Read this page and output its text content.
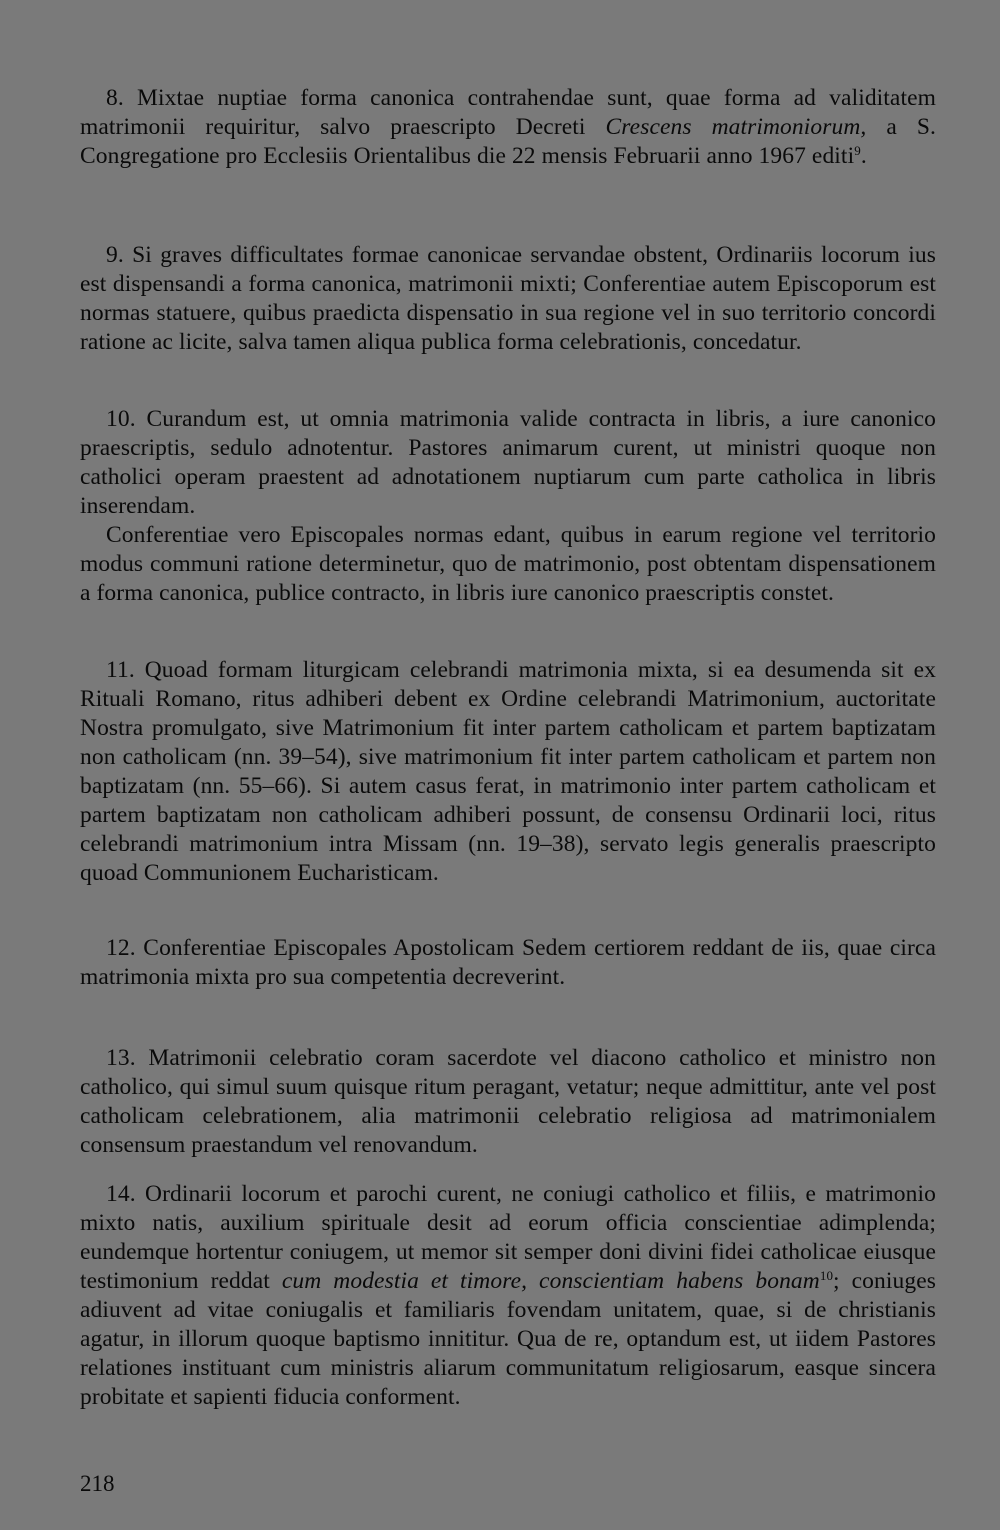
8. Mixtae nuptiae forma canonica contrahendae sunt, quae forma ad validitatem matrimonii requiritur, salvo praescripto Decreti Crescens matrimoniorum, a S. Congregatione pro Ecclesiis Orientalibus die 22 mensis Februarii anno 1967 editi$^9$.

9. Si graves difficultates formae canonicae servandae obstent, Ordinariis locorum ius est dispensandi a forma canonica, matrimonii mixti; Conferentiae autem Episcoporum est normas statuere, quibus praedicta dispensatio in sua regione vel in suo territorio concordi ratione ac licite, salva tamen aliqua publica forma celebrationis, concedatur.

10. Curandum est, ut omnia matrimonia valide contracta in libris, a iure canonico praescriptis, sedulo adnotentur. Pastores animarum curent, ut ministri quoque non catholici operam praestent ad adnotationem nuptiarum cum parte catholica in libris inserendam.

Conferentiae vero Episcopales normas edant, quibus in earum regione vel territorio modus communi ratione determinetur, quo de matrimonio, post obtentam dispensationem a forma canonica, publice contracto, in libris iure canonico praescriptis constet.

11. Quoad formam liturgicam celebrandi matrimonia mixta, si ea desumenda sit ex Rituali Romano, ritus adhiberi debent ex Ordine celebrandi Matrimonium, auctoritate Nostra promulgato, sive Matrimonium fit inter partem catholicam et partem baptizatam non catholicam (nn. 39–54), sive matrimonium fit inter partem catholicam et partem non baptizatam (nn. 55–66). Si autem casus ferat, in matrimonio inter partem catholicam et partem baptizatam non catholicam adhiberi possunt, de consensu Ordinarii loci, ritus celebrandi matrimonium intra Missam (nn. 19–38), servato legis generalis praescripto quoad Communionem Eucharisticam.

12. Conferentiae Episcopales Apostolicam Sedem certiorem reddant de iis, quae circa matrimonia mixta pro sua competentia decreverint.

13. Matrimonii celebratio coram sacerdote vel diacono catholico et ministro non catholico, qui simul suum quisque ritum peragant, vetatur; neque admittitur, ante vel post catholicam celebrationem, alia matrimonii celebratio religiosa ad matrimonialem consensum praestandum vel renovandum.

14. Ordinarii locorum et parochi curent, ne coniugi catholico et filiis, e matrimonio mixto natis, auxilium spirituale desit ad eorum officia conscientiae adimplenda; eundemque hortentur coniugem, ut memor sit semper doni divini fidei catholicae eiusque testimonium reddat cum modestia et timore, conscientiam habens bonam$^{10}$; coniuges adiuvent ad vitae coniugalis et familiaris fovendam unitatem, quae, si de christianis agatur, in illorum quoque baptismo innititur. Qua de re, optandum est, ut iidem Pastores relationes instituant cum ministris aliarum communitatum religiosarum, easque sincera probitate et sapienti fiducia conforment.

218
